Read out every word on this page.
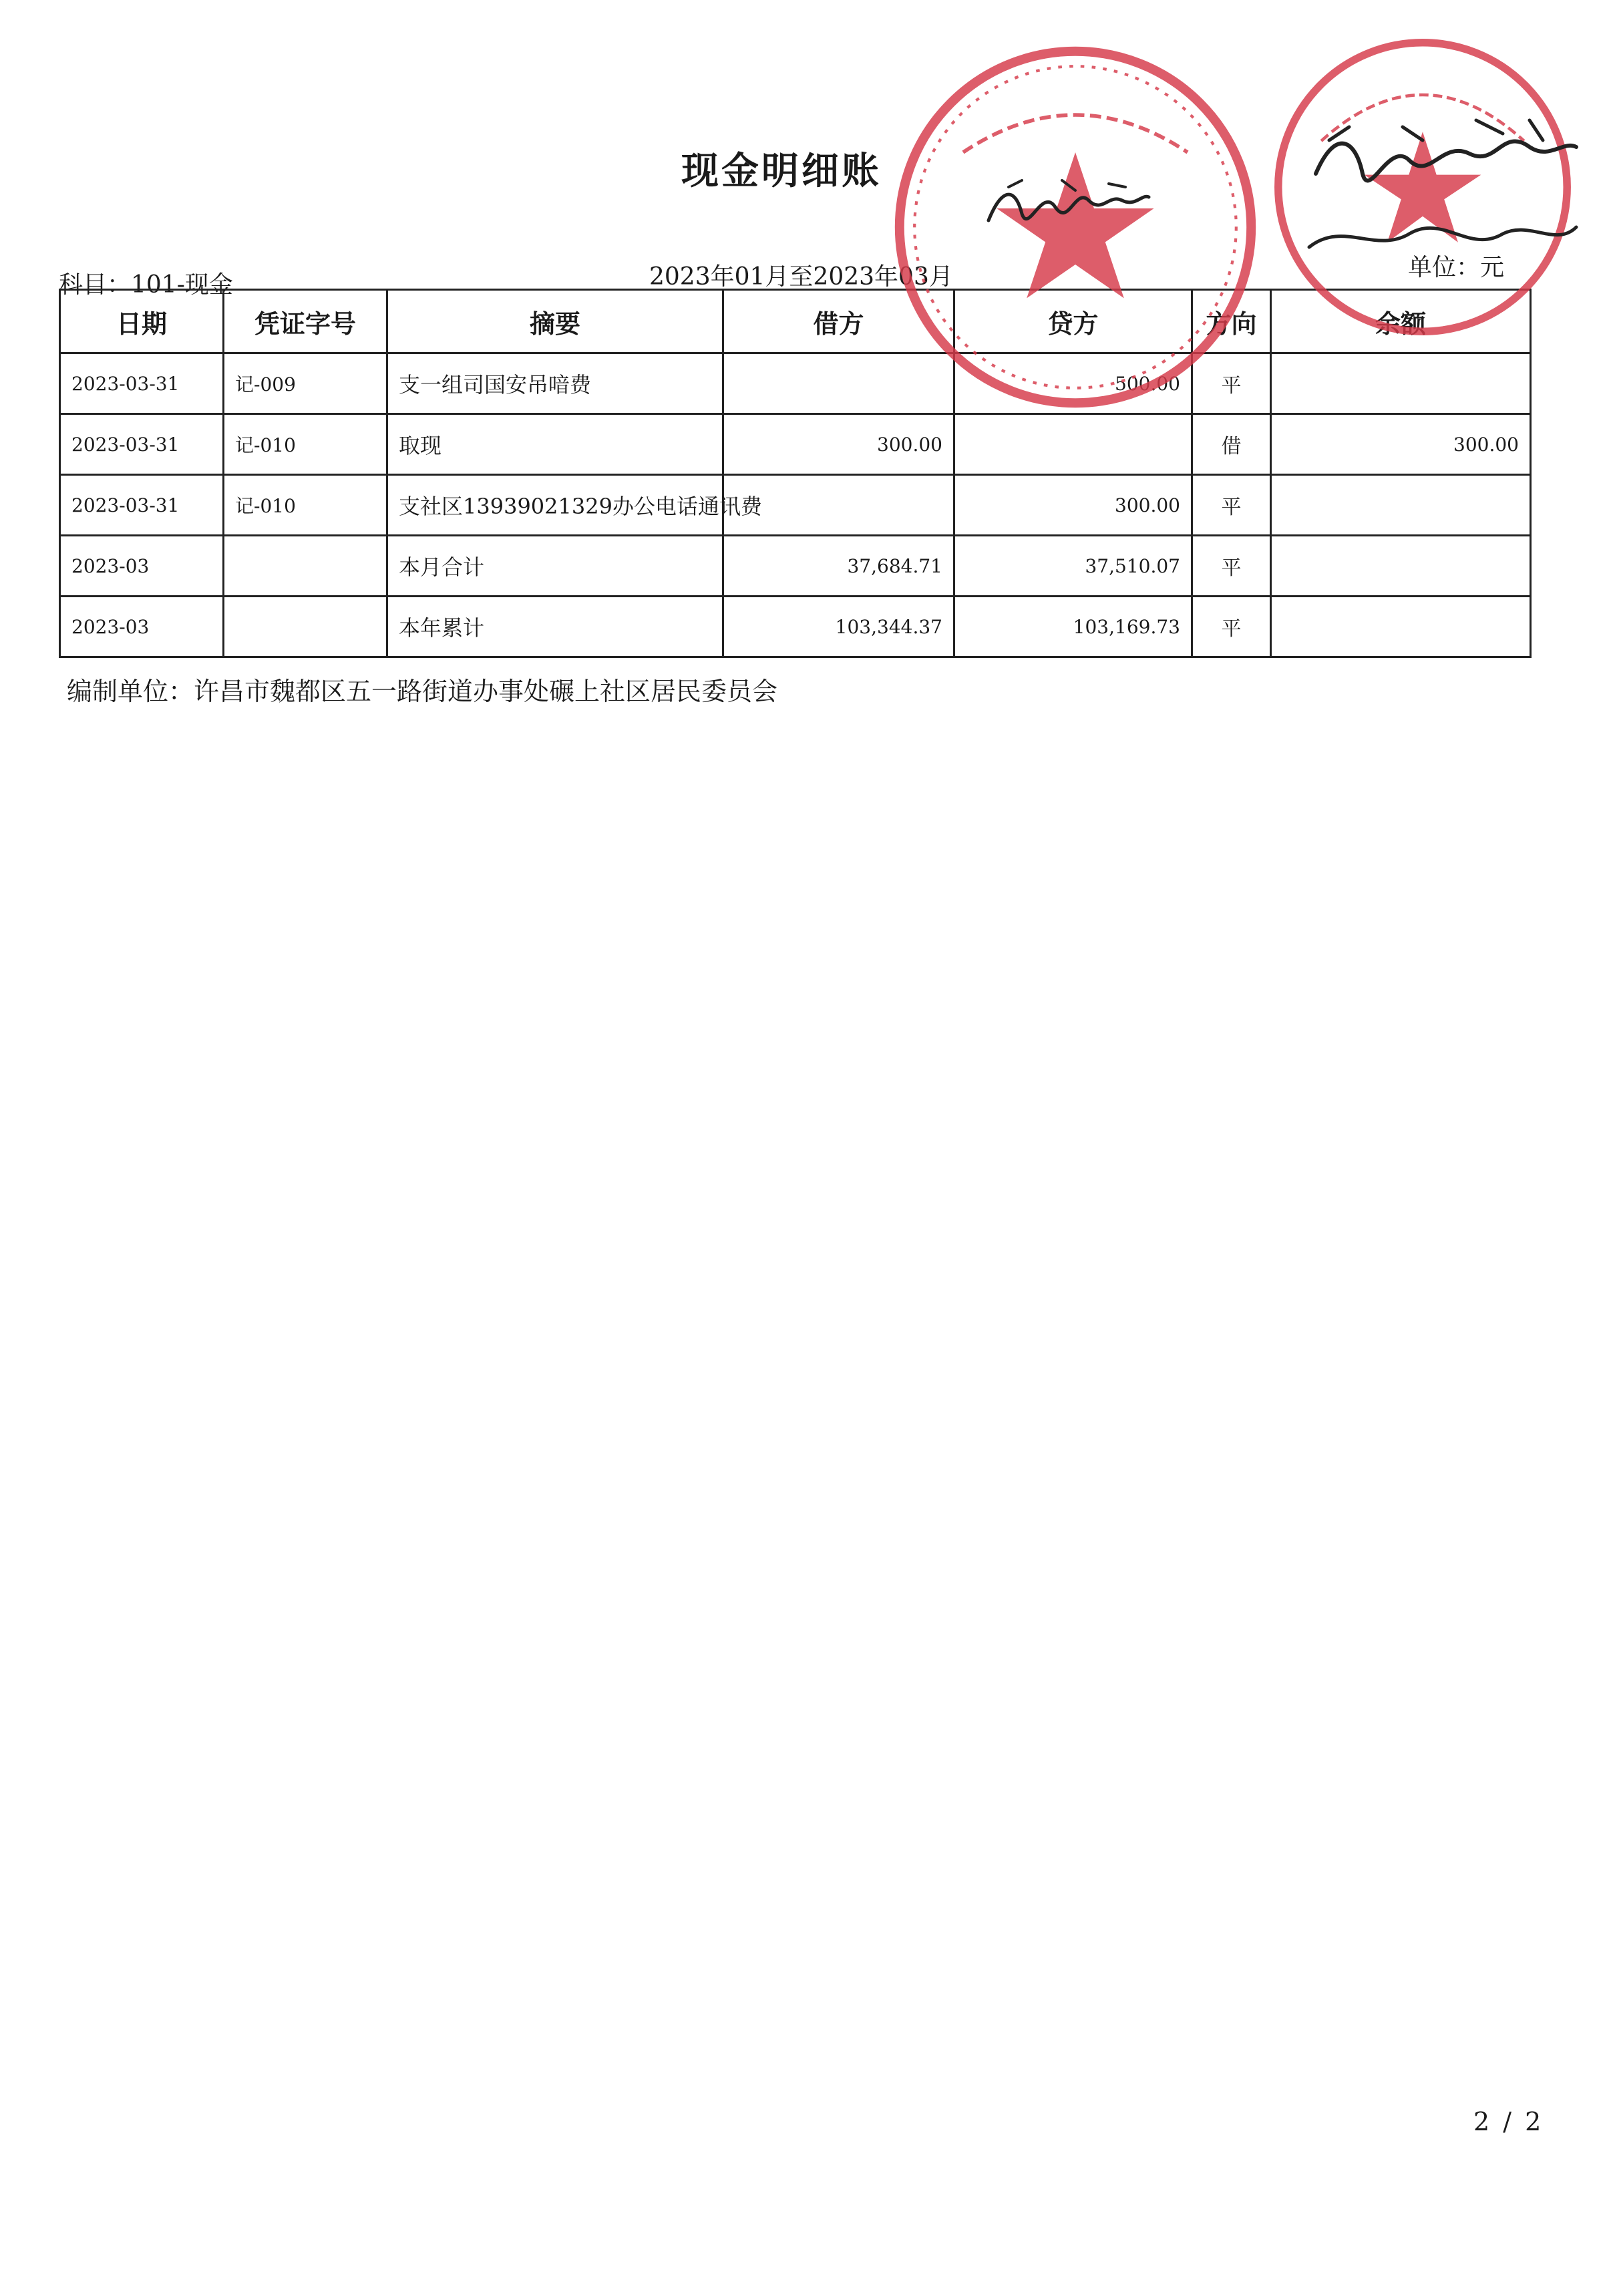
现金明细账
科目：101-现金	2023年01月至2023年03月	单位：元
日期	凭证字号	摘要	借方	贷方	方向	余额
2023-03-31	记-009	支一组司国安吊喑费		500.00	平	
2023-03-31	记-010	取现	300.00		借	300.00
2023-03-31	记-010	支社区13939021329办公电话通讯费		300.00	平	
2023-03		本月合计	37,684.71	37,510.07	平	
2023-03		本年累计	103,344.37	103,169.73	平	
编制单位：许昌市魏都区五一路街道办事处碾上社区居民委员会
2 / 2
